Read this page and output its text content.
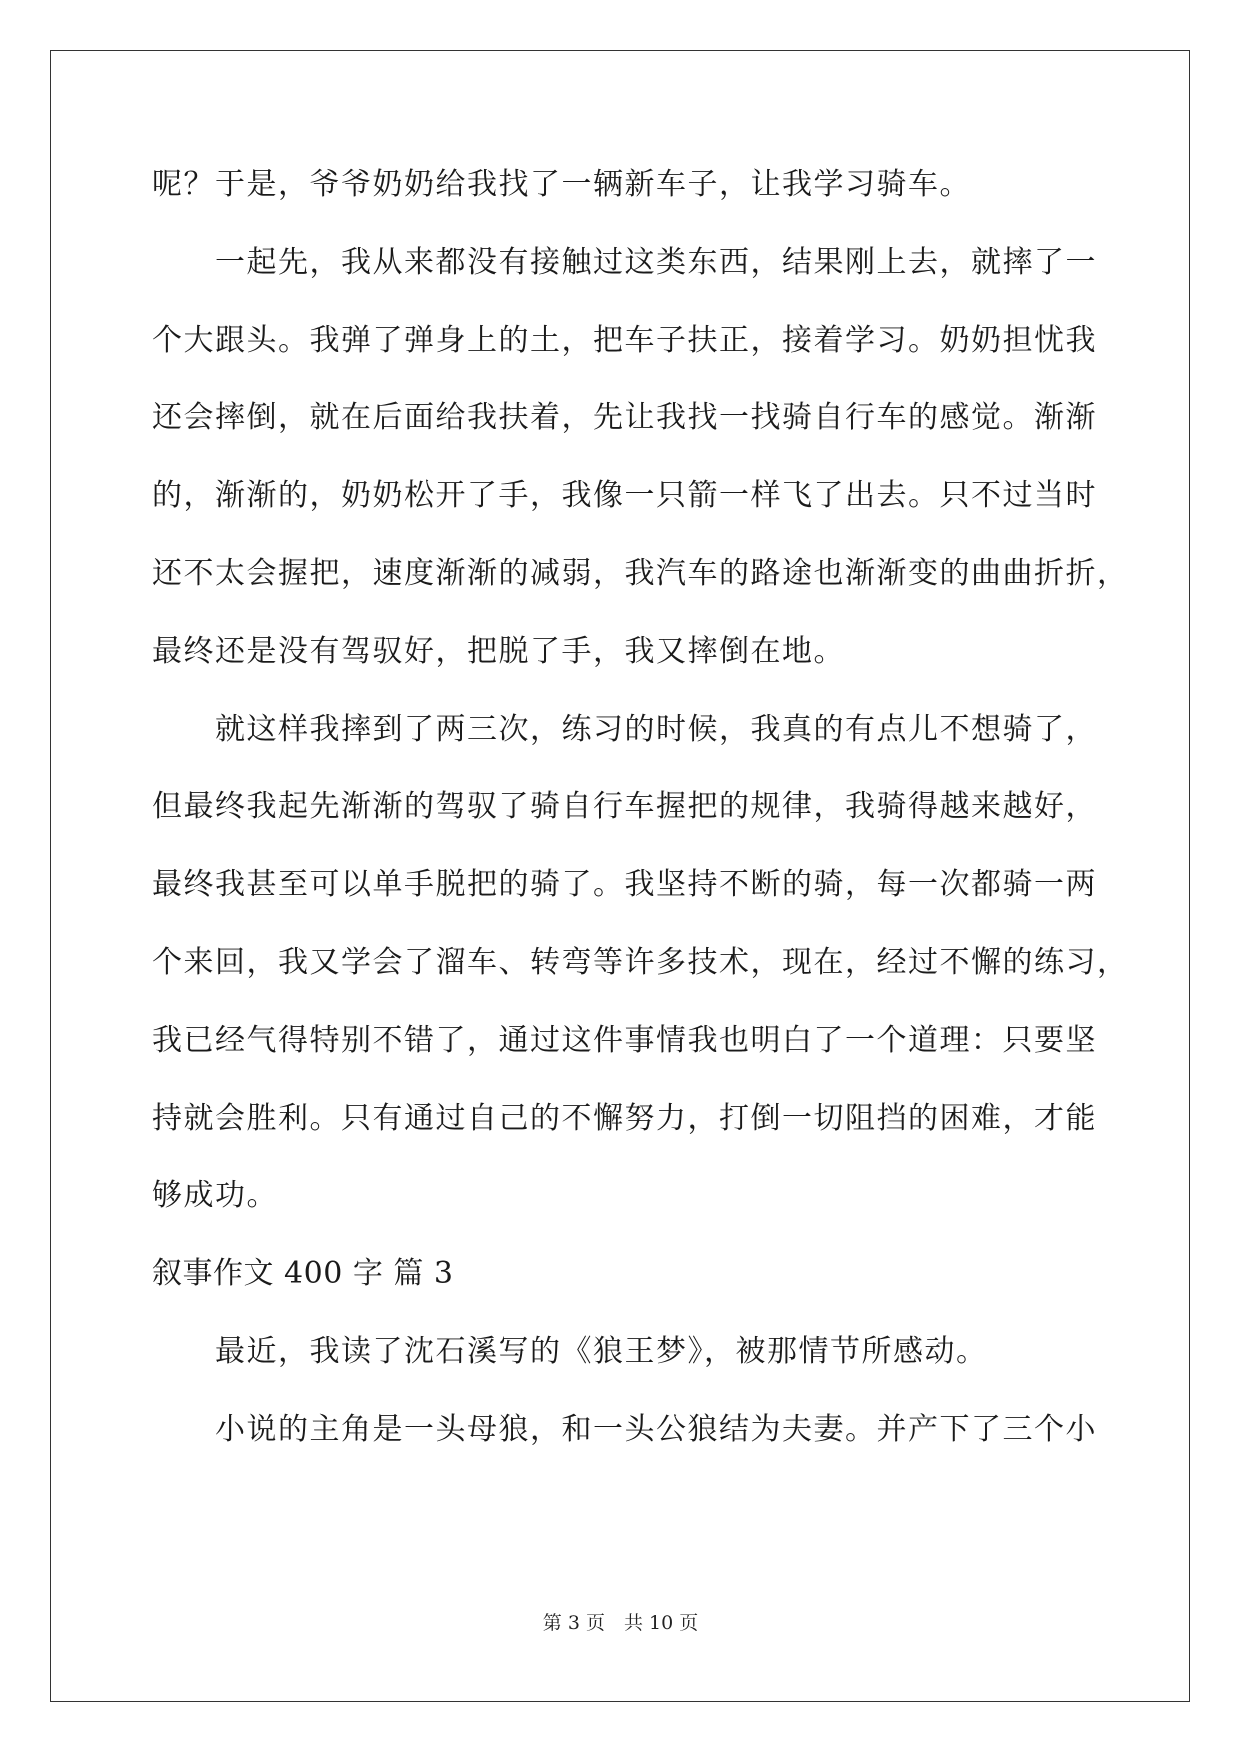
呢？于是，爷爷奶奶给我找了一辆新车子，让我学习骑车。
　　一起先，我从来都没有接触过这类东西，结果刚上去，就摔了一
个大跟头。我弹了弹身上的土，把车子扶正，接着学习。奶奶担忧我
还会摔倒，就在后面给我扶着，先让我找一找骑自行车的感觉。渐渐
的，渐渐的，奶奶松开了手，我像一只箭一样飞了出去。只不过当时
还不太会握把，速度渐渐的减弱，我汽车的路途也渐渐变的曲曲折折，
最终还是没有驾驭好，把脱了手，我又摔倒在地。
　　就这样我摔到了两三次，练习的时候，我真的有点儿不想骑了，
但最终我起先渐渐的驾驭了骑自行车握把的规律，我骑得越来越好，
最终我甚至可以单手脱把的骑了。我坚持不断的骑，每一次都骑一两
个来回，我又学会了溜车、转弯等许多技术，现在，经过不懈的练习，
我已经气得特别不错了，通过这件事情我也明白了一个道理：只要坚
持就会胜利。只有通过自己的不懈努力，打倒一切阻挡的困难，才能
够成功。
叙事作文 400 字 篇 3
　　最近，我读了沈石溪写的《狼王梦》，被那情节所感动。
　　小说的主角是一头母狼，和一头公狼结为夫妻。并产下了三个小
第 3 页　共 10 页
